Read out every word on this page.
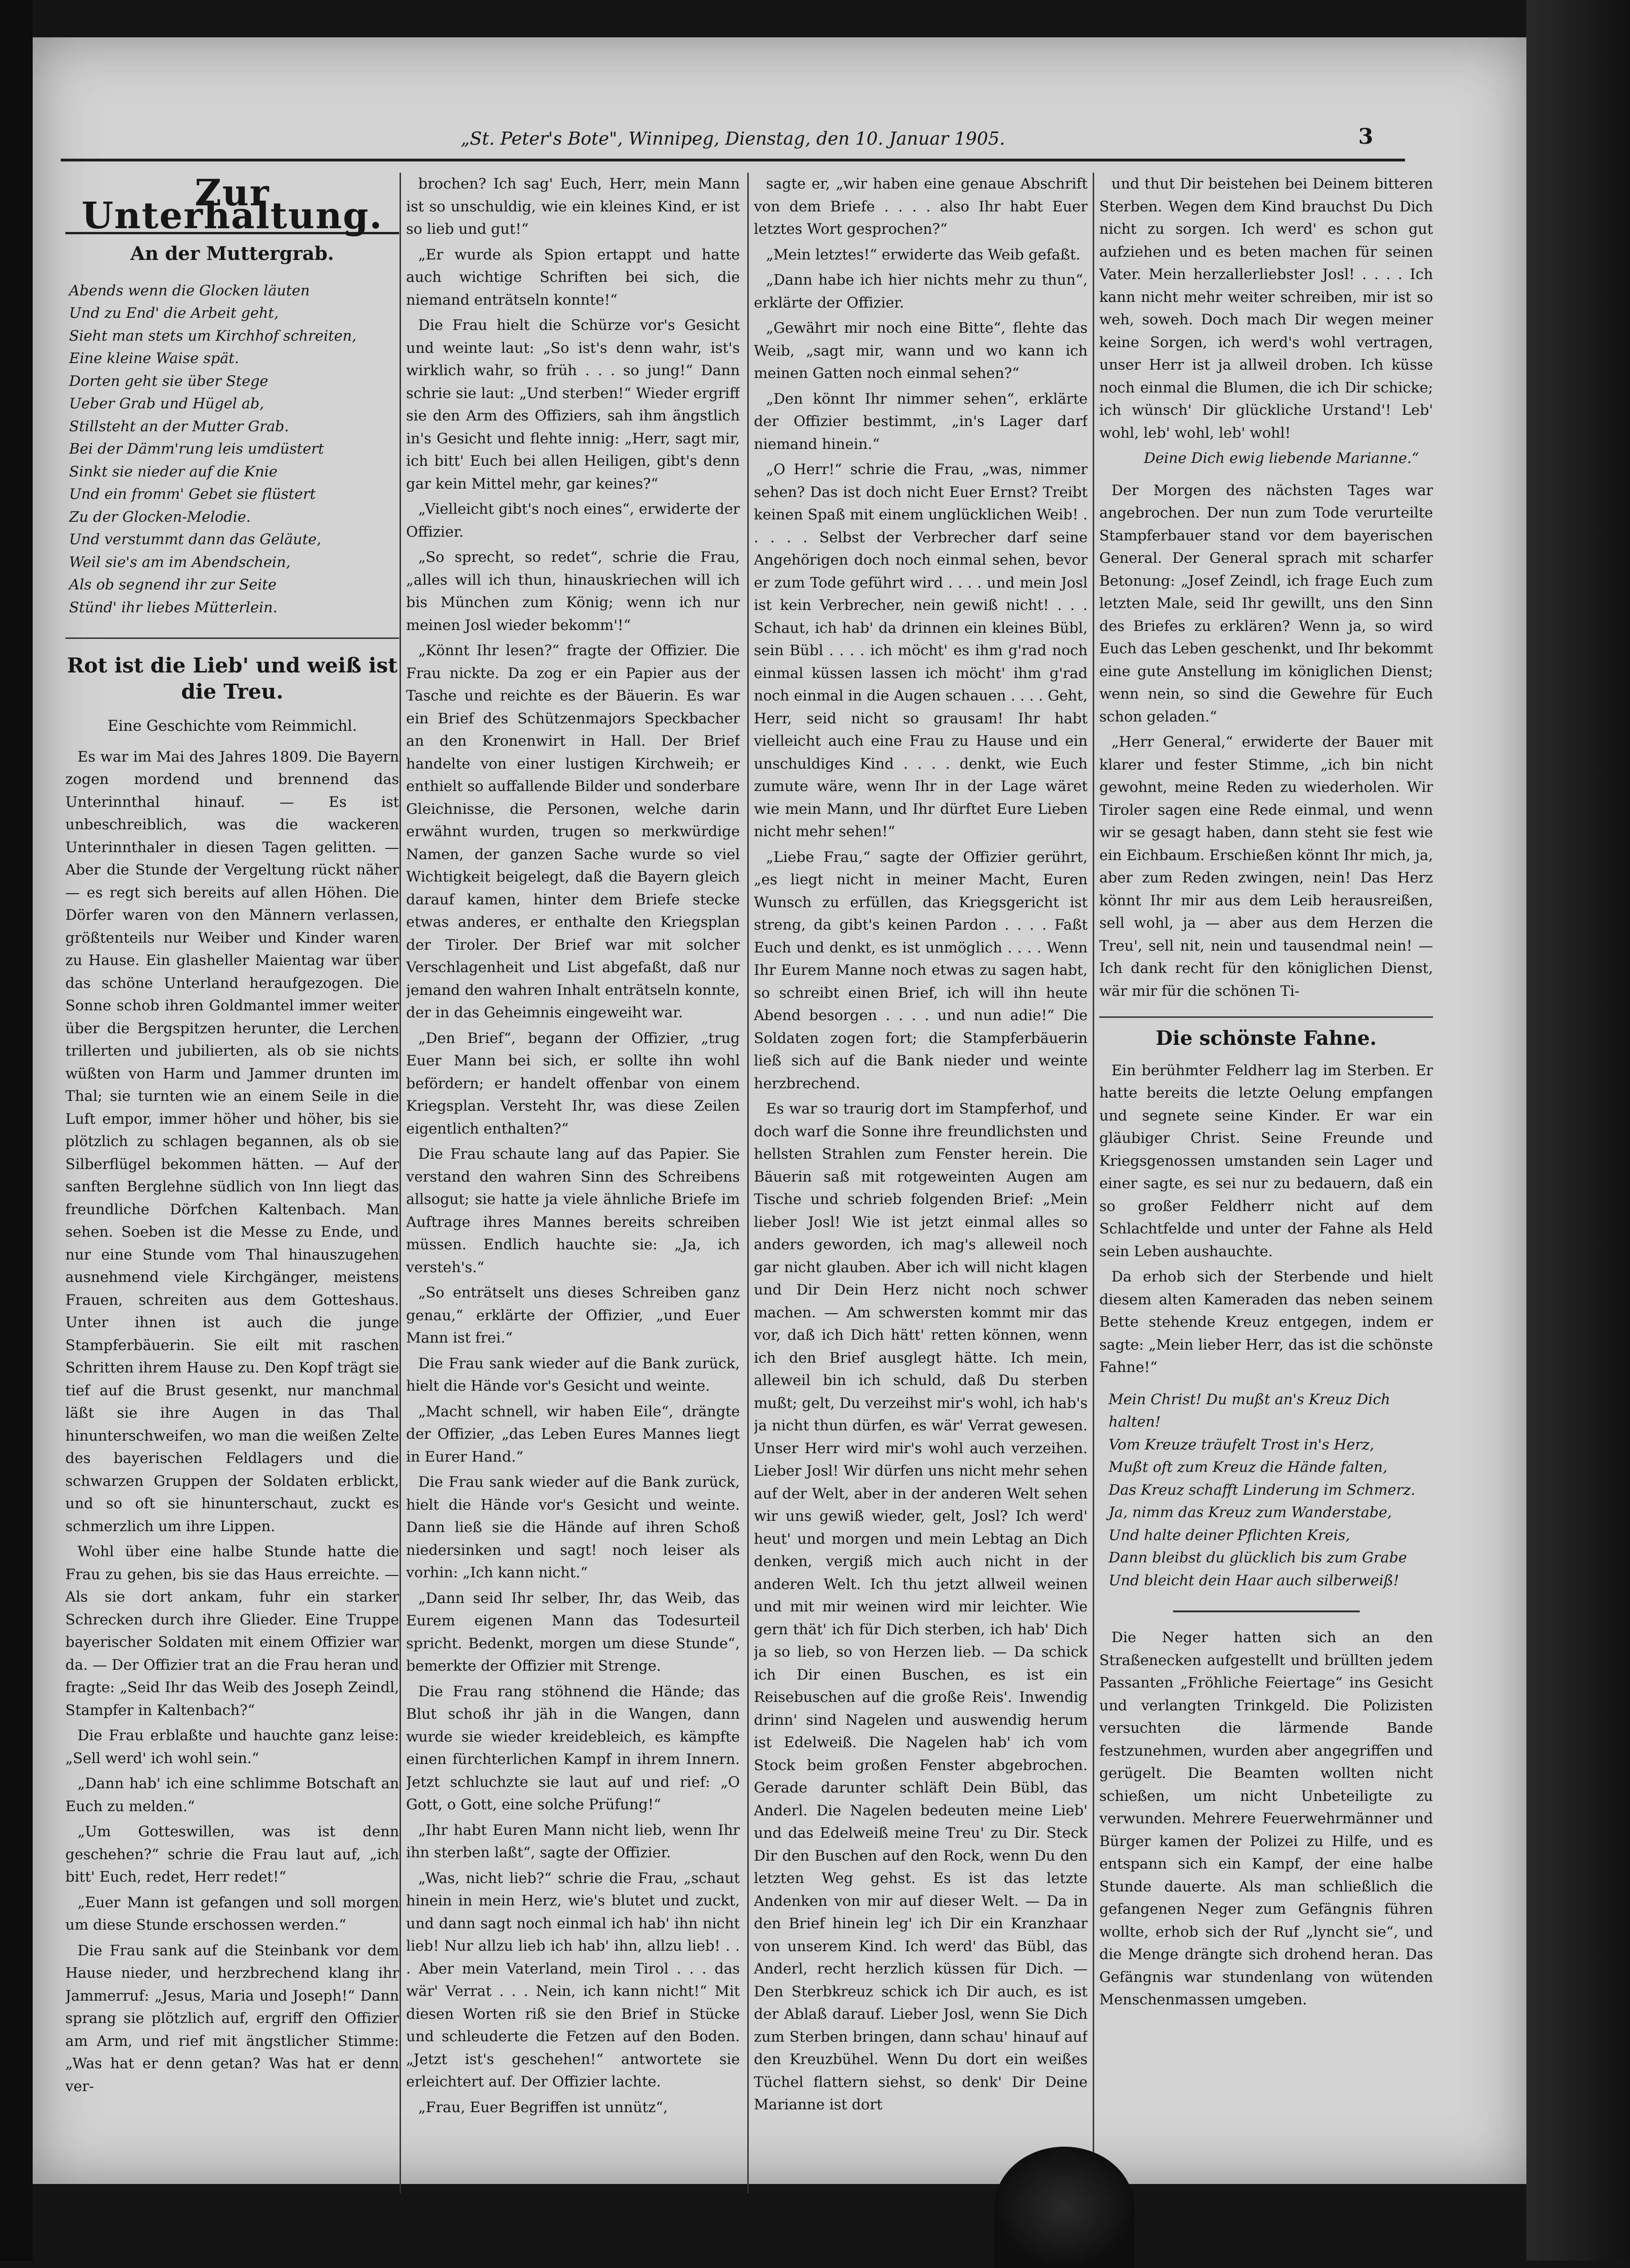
„St. Peter's Bote", Winnipeg, Dienstag, den 10. Januar 1905.	3
Zur Unterhaltung.
An der Muttergrab.
Abends wenn die Glocken läuten
Und zu End' die Arbeit geht,
Sieht man stets um Kirchhof schreiten,
Eine kleine Waise spät.
Dorten geht sie über Stege
Ueber Grab und Hügel ab,
Stillsteht an der Mutter Grab.
Bei der Dämm'rung leis umdüstert
Sinkt sie nieder auf die Knie
Und ein fromm' Gebet sie flüstert
Zu der Glocken-Melodie.
Und verstummt dann das Geläute,
Weil sie's am im Abendschein,
Als ob segnend ihr zur Seite
Stünd' ihr liebes Mütterlein.
Rot ist die Lieb' und weiß ist die Treu.
Eine Geschichte vom Reimmichl.

Es war im Mai des Jahres 1809. Die Bayern zogen mordend und brennend das Unterinnthal hinauf. — Es ist unbeschreiblich, was die wackeren Unterinnthaler in diesen Tagen gelitten. — Aber die Stunde der Vergeltung rückt näher — es regt sich bereits auf allen Höhen. Die Dörfer waren von den Männern verlassen, größtenteils nur Weiber und Kinder waren zu Hause. Ein glasheller Maientag war über das schöne Unterland heraufgezogen. Die Sonne schob ihren Goldmantel immer weiter über die Bergspitzen herunter, die Lerchen trillerten und jubilierten, als ob sie nichts wüßten von Harm und Jammer drunten im Thal; sie turnten wie an einem Seile in die Luft empor, immer höher und höher, bis sie plötzlich zu schlagen begannen, als ob sie Silberflügel bekommen hätten. — Auf der sanften Berglehne südlich von Inn liegt das freundliche Dörfchen Kaltenbach. Man sehen. Soeben ist die Messe zu Ende, und nur eine Stunde vom Thal hinauszugehen ausnehmend viele Kirchgänger, meistens Frauen, schreiten aus dem Gotteshaus. Unter ihnen ist auch die junge Stampferbäuerin. Sie eilt mit raschen Schritten ihrem Hause zu. Den Kopf trägt sie tief auf die Brust gesenkt, nur manchmal läßt sie ihre Augen in das Thal hinunterschweifen, wo man die weißen Zelte des bayerischen Feldlagers und die schwarzen Gruppen der Soldaten erblickt, und so oft sie hinunterschaut, zuckt es schmerzlich um ihre Lippen.

Wohl über eine halbe Stunde hatte die Frau zu gehen, bis sie das Haus erreichte. — Als sie dort ankam, fuhr ein starker Schrecken durch ihre Glieder. Eine Truppe bayerischer Soldaten mit einem Offizier war da. — Der Offizier trat an die Frau heran und fragte: „Seid Ihr das Weib des Joseph Zeindl, Stampfer in Kaltenbach?“

Die Frau erblaßte und hauchte ganz leise: „Sell werd' ich wohl sein.“

„Dann hab' ich eine schlimme Botschaft an Euch zu melden.“

„Um Gotteswillen, was ist denn geschehen?“ schrie die Frau laut auf, „ich bitt' Euch, redet, Herr redet!“

„Euer Mann ist gefangen und soll morgen um diese Stunde erschossen werden.“

Die Frau sank auf die Steinbank vor dem Hause nieder, und herzbrechend klang ihr Jammerruf: „Jesus, Maria und Joseph!“ Dann sprang sie plötzlich auf, ergriff den Offizier am Arm, und rief mit ängstlicher Stimme: „Was hat er denn getan? Was hat er denn ver-

brochen? Ich sag' Euch, Herr, mein Mann ist so unschuldig, wie ein kleines Kind, er ist so lieb und gut!“

„Er wurde als Spion ertappt und hatte auch wichtige Schriften bei sich, die niemand enträtseln konnte!“

Die Frau hielt die Schürze vor's Gesicht und weinte laut: „So ist's denn wahr, ist's wirklich wahr, so früh . . . so jung!“ Dann schrie sie laut: „Und sterben!“ Wieder ergriff sie den Arm des Offiziers, sah ihm ängstlich in's Gesicht und flehte innig: „Herr, sagt mir, ich bitt' Euch bei allen Heiligen, gibt's denn gar kein Mittel mehr, gar keines?“

„Vielleicht gibt's noch eines“, erwiderte der Offizier.

„So sprecht, so redet“, schrie die Frau, „alles will ich thun, hinauskriechen will ich bis München zum König; wenn ich nur meinen Josl wieder bekomm'!“

„Könnt Ihr lesen?“ fragte der Offizier. Die Frau nickte. Da zog er ein Papier aus der Tasche und reichte es der Bäuerin. Es war ein Brief des Schützenmajors Speckbacher an den Kronenwirt in Hall. Der Brief handelte von einer lustigen Kirchweih; er enthielt so auffallende Bilder und sonderbare Gleichnisse, die Personen, welche darin erwähnt wurden, trugen so merkwürdige Namen, der ganzen Sache wurde so viel Wichtigkeit beigelegt, daß die Bayern gleich darauf kamen, hinter dem Briefe stecke etwas anderes, er enthalte den Kriegsplan der Tiroler. Der Brief war mit solcher Verschlagenheit und List abgefaßt, daß nur jemand den wahren Inhalt enträtseln konnte, der in das Geheimnis eingeweiht war.

„Den Brief“, begann der Offizier, „trug Euer Mann bei sich, er sollte ihn wohl befördern; er handelt offenbar von einem Kriegsplan. Versteht Ihr, was diese Zeilen eigentlich enthalten?“

Die Frau schaute lang auf das Papier. Sie verstand den wahren Sinn des Schreibens allsogut; sie hatte ja viele ähnliche Briefe im Auftrage ihres Mannes bereits schreiben müssen. Endlich hauchte sie: „Ja, ich versteh's.“

„So enträtselt uns dieses Schreiben ganz genau,“ erklärte der Offizier, „und Euer Mann ist frei.“

Die Frau sank wieder auf die Bank zurück, hielt die Hände vor's Gesicht und weinte.

„Macht schnell, wir haben Eile“, drängte der Offizier, „das Leben Eures Mannes liegt in Eurer Hand.“

Die Frau sank wieder auf die Bank zurück, hielt die Hände vor's Gesicht und weinte. Dann ließ sie die Hände auf ihren Schoß niedersinken und sagt! noch leiser als vorhin: „Ich kann nicht.“

„Dann seid Ihr selber, Ihr, das Weib, das Eurem eigenen Mann das Todesurteil spricht. Bedenkt, morgen um diese Stunde“, bemerkte der Offizier mit Strenge.

Die Frau rang stöhnend die Hände; das Blut schoß ihr jäh in die Wangen, dann wurde sie wieder kreidebleich, es kämpfte einen fürchterlichen Kampf in ihrem Innern. Jetzt schluchzte sie laut auf und rief: „O Gott, o Gott, eine solche Prüfung!“

„Ihr habt Euren Mann nicht lieb, wenn Ihr ihn sterben laßt“, sagte der Offizier.

„Was, nicht lieb?“ schrie die Frau, „schaut hinein in mein Herz, wie's blutet und zuckt, und dann sagt noch einmal ich hab' ihn nicht lieb! Nur allzu lieb ich hab' ihn, allzu lieb! . . . Aber mein Vaterland, mein Tirol . . . das wär' Verrat . . . Nein, ich kann nicht!“ Mit diesen Worten riß sie den Brief in Stücke und schleuderte die Fetzen auf den Boden. „Jetzt ist's geschehen!“ antwortete sie erleichtert auf. Der Offizier lachte.

„Frau, Euer Begriffen ist unnütz“,

sagte er, „wir haben eine genaue Abschrift von dem Briefe . . . . also Ihr habt Euer letztes Wort gesprochen?“

„Mein letztes!“ erwiderte das Weib gefaßt.

„Dann habe ich hier nichts mehr zu thun“, erklärte der Offizier.

„Gewährt mir noch eine Bitte“, flehte das Weib, „sagt mir, wann und wo kann ich meinen Gatten noch einmal sehen?“

„Den könnt Ihr nimmer sehen“, erklärte der Offizier bestimmt, „in's Lager darf niemand hinein.“

„O Herr!“ schrie die Frau, „was, nimmer sehen? Das ist doch nicht Euer Ernst? Treibt keinen Spaß mit einem unglücklichen Weib! . . . . . Selbst der Verbrecher darf seine Angehörigen doch noch einmal sehen, bevor er zum Tode geführt wird . . . . und mein Josl ist kein Verbrecher, nein gewiß nicht! . . . Schaut, ich hab' da drinnen ein kleines Bübl, sein Bübl . . . . ich möcht' es ihm g'rad noch einmal küssen lassen ich möcht' ihm g'rad noch einmal in die Augen schauen . . . . Geht, Herr, seid nicht so grausam! Ihr habt vielleicht auch eine Frau zu Hause und ein unschuldiges Kind . . . . denkt, wie Euch zumute wäre, wenn Ihr in der Lage wäret wie mein Mann, und Ihr dürftet Eure Lieben nicht mehr sehen!“

„Liebe Frau,“ sagte der Offizier gerührt, „es liegt nicht in meiner Macht, Euren Wunsch zu erfüllen, das Kriegsgericht ist streng, da gibt's keinen Pardon . . . . Faßt Euch und denkt, es ist unmöglich . . . . Wenn Ihr Eurem Manne noch etwas zu sagen habt, so schreibt einen Brief, ich will ihn heute Abend besorgen . . . . und nun adie!“ Die Soldaten zogen fort; die Stampferbäuerin ließ sich auf die Bank nieder und weinte herzbrechend.

Es war so traurig dort im Stampferhof, und doch warf die Sonne ihre freundlichsten und hellsten Strahlen zum Fenster herein. Die Bäuerin saß mit rotgeweinten Augen am Tische und schrieb folgenden Brief: „Mein lieber Josl! Wie ist jetzt einmal alles so anders geworden, ich mag's alleweil noch gar nicht glauben. Aber ich will nicht klagen und Dir Dein Herz nicht noch schwer machen. — Am schwersten kommt mir das vor, daß ich Dich hätt' retten können, wenn ich den Brief ausglegt hätte. Ich mein, alleweil bin ich schuld, daß Du sterben mußt; gelt, Du verzeihst mir's wohl, ich hab's ja nicht thun dürfen, es wär' Verrat gewesen. Unser Herr wird mir's wohl auch verzeihen. Lieber Josl! Wir dürfen uns nicht mehr sehen auf der Welt, aber in der anderen Welt sehen wir uns gewiß wieder, gelt, Josl? Ich werd' heut' und morgen und mein Lebtag an Dich denken, vergiß mich auch nicht in der anderen Welt. Ich thu jetzt allweil weinen und mit mir weinen wird mir leichter. Wie gern thät' ich für Dich sterben, ich hab' Dich ja so lieb, so von Herzen lieb. — Da schick ich Dir einen Buschen, es ist ein Reisebuschen auf die große Reis'. Inwendig drinn' sind Nagelen und auswendig herum ist Edelweiß. Die Nagelen hab' ich vom Stock beim großen Fenster abgebrochen. Gerade darunter schläft Dein Bübl, das Anderl. Die Nagelen bedeuten meine Lieb' und das Edelweiß meine Treu' zu Dir. Steck Dir den Buschen auf den Rock, wenn Du den letzten Weg gehst. Es ist das letzte Andenken von mir auf dieser Welt. — Da in den Brief hinein leg' ich Dir ein Kranzhaar von unserem Kind. Ich werd' das Bübl, das Anderl, recht herzlich küssen für Dich. — Den Sterbkreuz schick ich Dir auch, es ist der Ablaß darauf. Lieber Josl, wenn Sie Dich zum Sterben bringen, dann schau' hinauf auf den Kreuzbühel. Wenn Du dort ein weißes Tüchel flattern siehst, so denk' Dir Deine Marianne ist dort

und thut Dir beistehen bei Deinem bitteren Sterben. Wegen dem Kind brauchst Du Dich nicht zu sorgen. Ich werd' es schon gut aufziehen und es beten machen für seinen Vater. Mein herzallerliebster Josl! . . . . Ich kann nicht mehr weiter schreiben, mir ist so weh, soweh. Doch mach Dir wegen meiner keine Sorgen, ich werd's wohl vertragen, unser Herr ist ja allweil droben. Ich küsse noch einmal die Blumen, die ich Dir schicke; ich wünsch' Dir glückliche Urstand'! Leb' wohl, leb' wohl, leb' wohl!

Deine Dich ewig liebende Marianne.“

Der Morgen des nächsten Tages war angebrochen. Der nun zum Tode verurteilte Stampferbauer stand vor dem bayerischen General. Der General sprach mit scharfer Betonung: „Josef Zeindl, ich frage Euch zum letzten Male, seid Ihr gewillt, uns den Sinn des Briefes zu erklären? Wenn ja, so wird Euch das Leben geschenkt, und Ihr bekommt eine gute Anstellung im königlichen Dienst; wenn nein, so sind die Gewehre für Euch schon geladen.“

„Herr General,“ erwiderte der Bauer mit klarer und fester Stimme, „ich bin nicht gewohnt, meine Reden zu wiederholen. Wir Tiroler sagen eine Rede einmal, und wenn wir se gesagt haben, dann steht sie fest wie ein Eichbaum. Erschießen könnt Ihr mich, ja, aber zum Reden zwingen, nein! Das Herz könnt Ihr mir aus dem Leib herausreißen, sell wohl, ja — aber aus dem Herzen die Treu', sell nit, nein und tausendmal nein! — Ich dank recht für den königlichen Dienst, wär mir für die schönen Ti-

Die schönste Fahne.

Ein berühmter Feldherr lag im Sterben. Er hatte bereits die letzte Oelung empfangen und segnete seine Kinder. Er war ein gläubiger Christ. Seine Freunde und Kriegsgenossen umstanden sein Lager und einer sagte, es sei nur zu bedauern, daß ein so großer Feldherr nicht auf dem Schlachtfelde und unter der Fahne als Held sein Leben aushauchte.

Da erhob sich der Sterbende und hielt diesem alten Kameraden das neben seinem Bette stehende Kreuz entgegen, indem er sagte: „Mein lieber Herr, das ist die schönste Fahne!“

Mein Christ! Du mußt an's Kreuz Dich halten!
Vom Kreuze träufelt Trost in's Herz,
Mußt oft zum Kreuz die Hände falten,
Das Kreuz schafft Linderung im Schmerz.
Ja, nimm das Kreuz zum Wanderstabe,
Und halte deiner Pflichten Kreis,
Dann bleibst du glücklich bis zum Grabe
Und bleicht dein Haar auch silberweiß!

Die Neger hatten sich an den Straßenecken aufgestellt und brüllten jedem Passanten „Fröhliche Feiertage“ ins Gesicht und verlangten Trinkgeld. Die Polizisten versuchten die lärmende Bande festzunehmen, wurden aber angegriffen und gerügelt. Die Beamten wollten nicht schießen, um nicht Unbeteiligte zu verwunden. Mehrere Feuerwehrmänner und Bürger kamen der Polizei zu Hilfe, und es entspann sich ein Kampf, der eine halbe Stunde dauerte. Als man schließlich die gefangenen Neger zum Gefängnis führen wollte, erhob sich der Ruf „lyncht sie“, und die Menge drängte sich drohend heran. Das Gefängnis war stundenlang von wütenden Menschenmassen umgeben.
